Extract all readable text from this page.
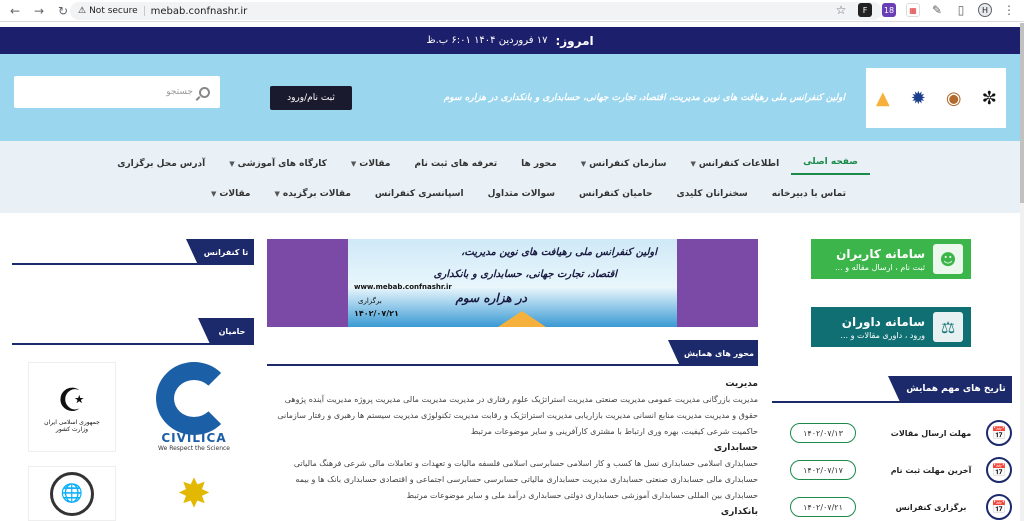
← → ↻ ⚠ Not secure mebab.confnashr.ir	☆	F	18	▦ ✎	▯	H	⋮
امروز:
۱۷ فروردین ۱۴۰۴ ۶:۰۱ ب.ظ
▲ ✹ ◉ ✼
اولین کنفرانس ملی رهیافت های نوین مدیریت، اقتصاد، تجارت جهانی، حسابداری و بانکداری در هزاره سوم
ثبت نام/ورود
جستجو
صفحه اصلی
اطلاعات کنفرانس
▼
سازمان کنفرانس
▼
محور ها
تعرفه های ثبت نام
مقالات
▼
کارگاه های آموزشی
▼
آدرس محل برگزاری
تماس با دبیرخانه
سخنرانان کلیدی
حامیان کنفرانس
سوالات متداول
اسپانسری کنفرانس
مقالات برگزیده
▼
مقالات
▼
☻
سامانه کاربران
ثبت نام ، ارسال مقاله و ...
⚖
سامانه داوران
ورود ، داوری مقالات و ...
تاریخ های مهم همایش
📅
مهلت ارسال مقالات
۱۴۰۲/۰۷/۱۳
📅
آخرین مهلت ثبت نام
۱۴۰۲/۰۷/۱۷
📅
برگزاری کنفرانس
۱۴۰۲/۰۷/۲۱
اولین کنفرانس ملی رهیافت های نوین مدیریت،
اقتصاد، تجارت جهانی، حسابداری و بانکداری
www.mebab.confnashr.ir
در هزاره سوم
برگزاری
۱۴۰۲/۰۷/۲۱
محور های همایش
مدیریت

مدیریت بازرگانی مدیریت عمومی مدیریت صنعتی مدیریت استراتژیک علوم رفتاری در مدیریت مدیریت مالی مدیریت پروژه مدیریت آینده پژوهی حقوق و مدیریت مدیریت منابع انسانی مدیریت بازاریابی مدیریت استراتژیک و رقابت مدیریت تکنولوژی مدیریت سیستم ها رهبری و رفتار سازمانی حاکمیت شرعی کیفیت، بهره وری ارتباط با مشتری کارآفرینی و سایر موضوعات مرتبط

حسابداری

حسابداری اسلامی حسابداری نسل ها کسب و کار اسلامی حسابرسی اسلامی فلسفه مالیات و تعهدات و تعاملات مالی شرعی فرهنگ مالیاتی حسابداری مالی حسابداری صنعتی حسابداری مدیریت حسابداری مالیاتی حسابرسی حسابرسی اجتماعی و اقتصادی حسابداری بانک ها و بیمه حسابداری بین المللی حسابداری آموزشی حسابداری دولتی حسابداری درآمد ملی و سایر موضوعات مرتبط

بانکداری
تا کنفرانس
حامیان
CIVILICA
We Respect the Science
☪
جمهوری اسلامی ایران
وزارت کشور
🌐 ✸
